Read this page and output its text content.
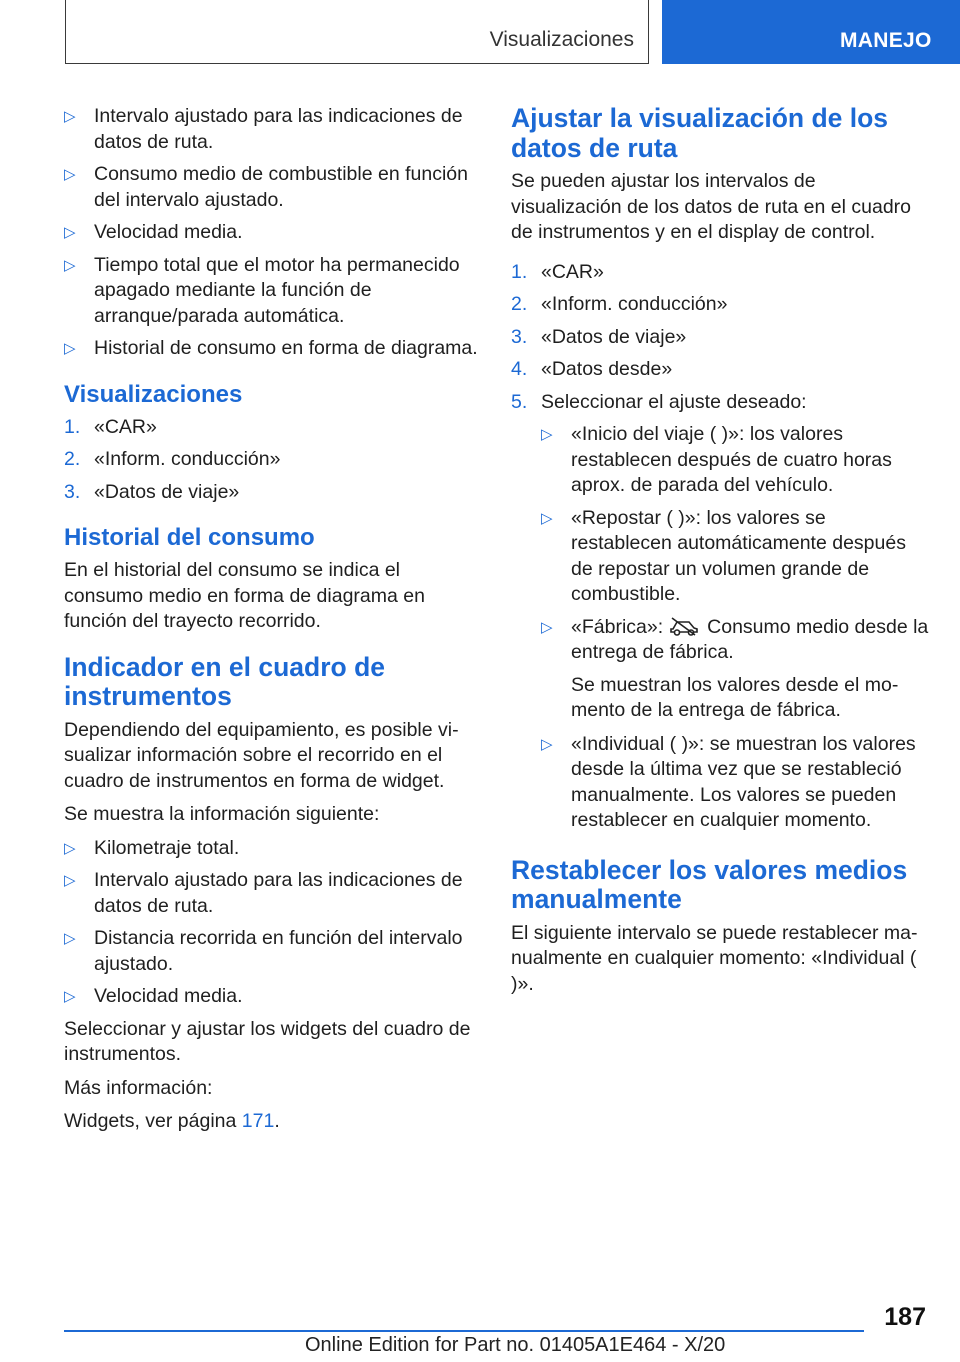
Visualizaciones	MANEJO
▷ Intervalo ajustado para las indicaciones de datos de ruta.
▷ Consumo medio de combustible en función del intervalo ajustado.
▷ Velocidad media.
▷ Tiempo total que el motor ha permanecido apagado mediante la función de arranque/parada automática.
▷ Historial de consumo en forma de diagrama.
Visualizaciones
1. «CAR»
2. «Inform. conducción»
3. «Datos de viaje»
Historial del consumo

En el historial del consumo se indica el consumo medio en forma de diagrama en función del trayecto recorrido.

Indicador en el cuadro de instrumentos

Dependiendo del equipamiento, es posible visualizar información sobre el recorrido en el cuadro de instrumentos en forma de widget.

Se muestra la información siguiente:

▷ Kilometraje total.
▷ Intervalo ajustado para las indicaciones de datos de ruta.
▷ Distancia recorrida en función del intervalo ajustado.
▷ Velocidad media.

Seleccionar y ajustar los widgets del cuadro de instrumentos.

Más información:

Widgets, ver página 171.

Ajustar la visualización de los datos de ruta

Se pueden ajustar los intervalos de visualización de los datos de ruta en el cuadro de instrumentos y en el display de control.

1. «CAR»
2. «Inform. conducción»
3. «Datos de viaje»
4. «Datos desde»
5. Seleccionar el ajuste deseado:
▷ «Inicio del viaje ( )»: los valores restablecen después de cuatro horas aprox. de parada del vehículo.
▷ «Repostar ( )»: los valores se restablecen automáticamente después de repostar un volumen grande de combustible.
▷ «Fábrica»: Consumo medio desde la entrega de fábrica.

Se muestran los valores desde el momento de la entrega de fábrica.

▷ «Individual ( )»: se muestran los valores desde la última vez que se restableció manualmente. Los valores se pueden restablecer en cualquier momento.
Restablecer los valores medios manualmente

El siguiente intervalo se puede restablecer manualmente en cualquier momento: «Individual ( )».

187
Online Edition for Part no. 01405A1E464 - X/20
